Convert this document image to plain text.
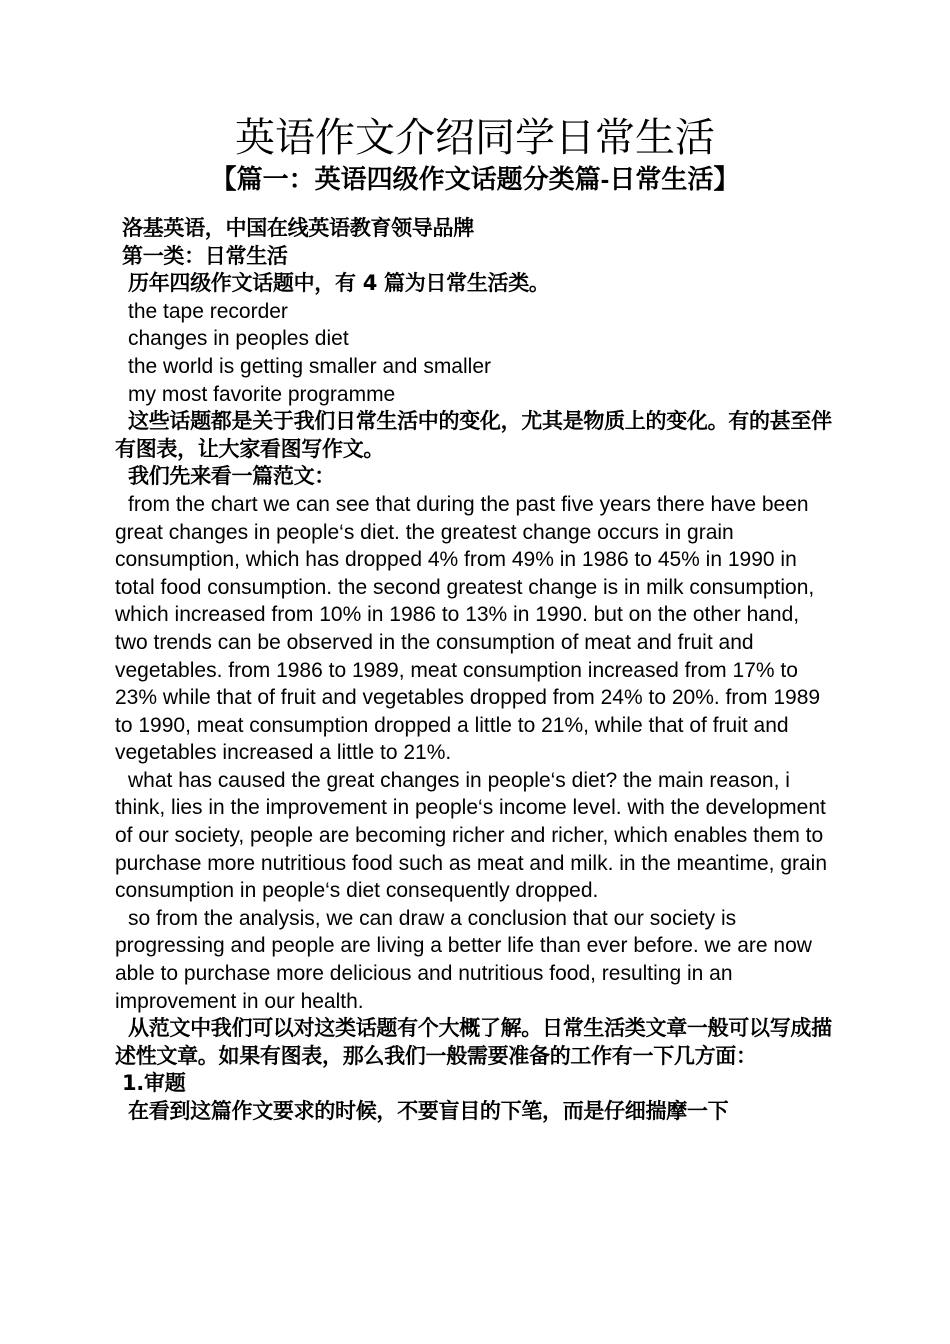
英语作文介绍同学日常生活
【篇一：英语四级作文话题分类篇-日常生活】

洛基英语，中国在线英语教育领导品牌

第一类：日常生活

历年四级作文话题中，有 4 篇为日常生活类。

the tape recorder

changes in peoples diet

the world is getting smaller and smaller

my most favorite programme

这些话题都是关于我们日常生活中的变化，尤其是物质上的变化。有的甚至伴有图表，让大家看图写作文。

我们先来看一篇范文：

from the chart we can see that during the past five years there have been great changes in people‘s diet. the greatest change occurs in grain consumption, which has dropped 4% from 49% in 1986 to 45% in 1990 in total food consumption. the second greatest change is in milk consumption, which increased from 10% in 1986 to 13% in 1990. but on the other hand, two trends can be observed in the consumption of meat and fruit and vegetables. from 1986 to 1989, meat consumption increased from 17% to 23% while that of fruit and vegetables dropped from 24% to 20%. from 1989 to 1990, meat consumption dropped a little to 21%, while that of fruit and vegetables increased a little to 21%.

what has caused the great changes in people‘s diet? the main reason, i think, lies in the improvement in people‘s income level. with the development of our society, people are becoming richer and richer, which enables them to purchase more nutritious food such as meat and milk. in the meantime, grain consumption in people‘s diet consequently dropped.

so from the analysis, we can draw a conclusion that our society is progressing and people are living a better life than ever before. we are now able to purchase more delicious and nutritious food, resulting in an improvement in our health.

从范文中我们可以对这类话题有个大概了解。日常生活类文章一般可以写成描述性文章。如果有图表，那么我们一般需要准备的工作有一下几方面：

1.审题

在看到这篇作文要求的时候，不要盲目的下笔，而是仔细揣摩一下
